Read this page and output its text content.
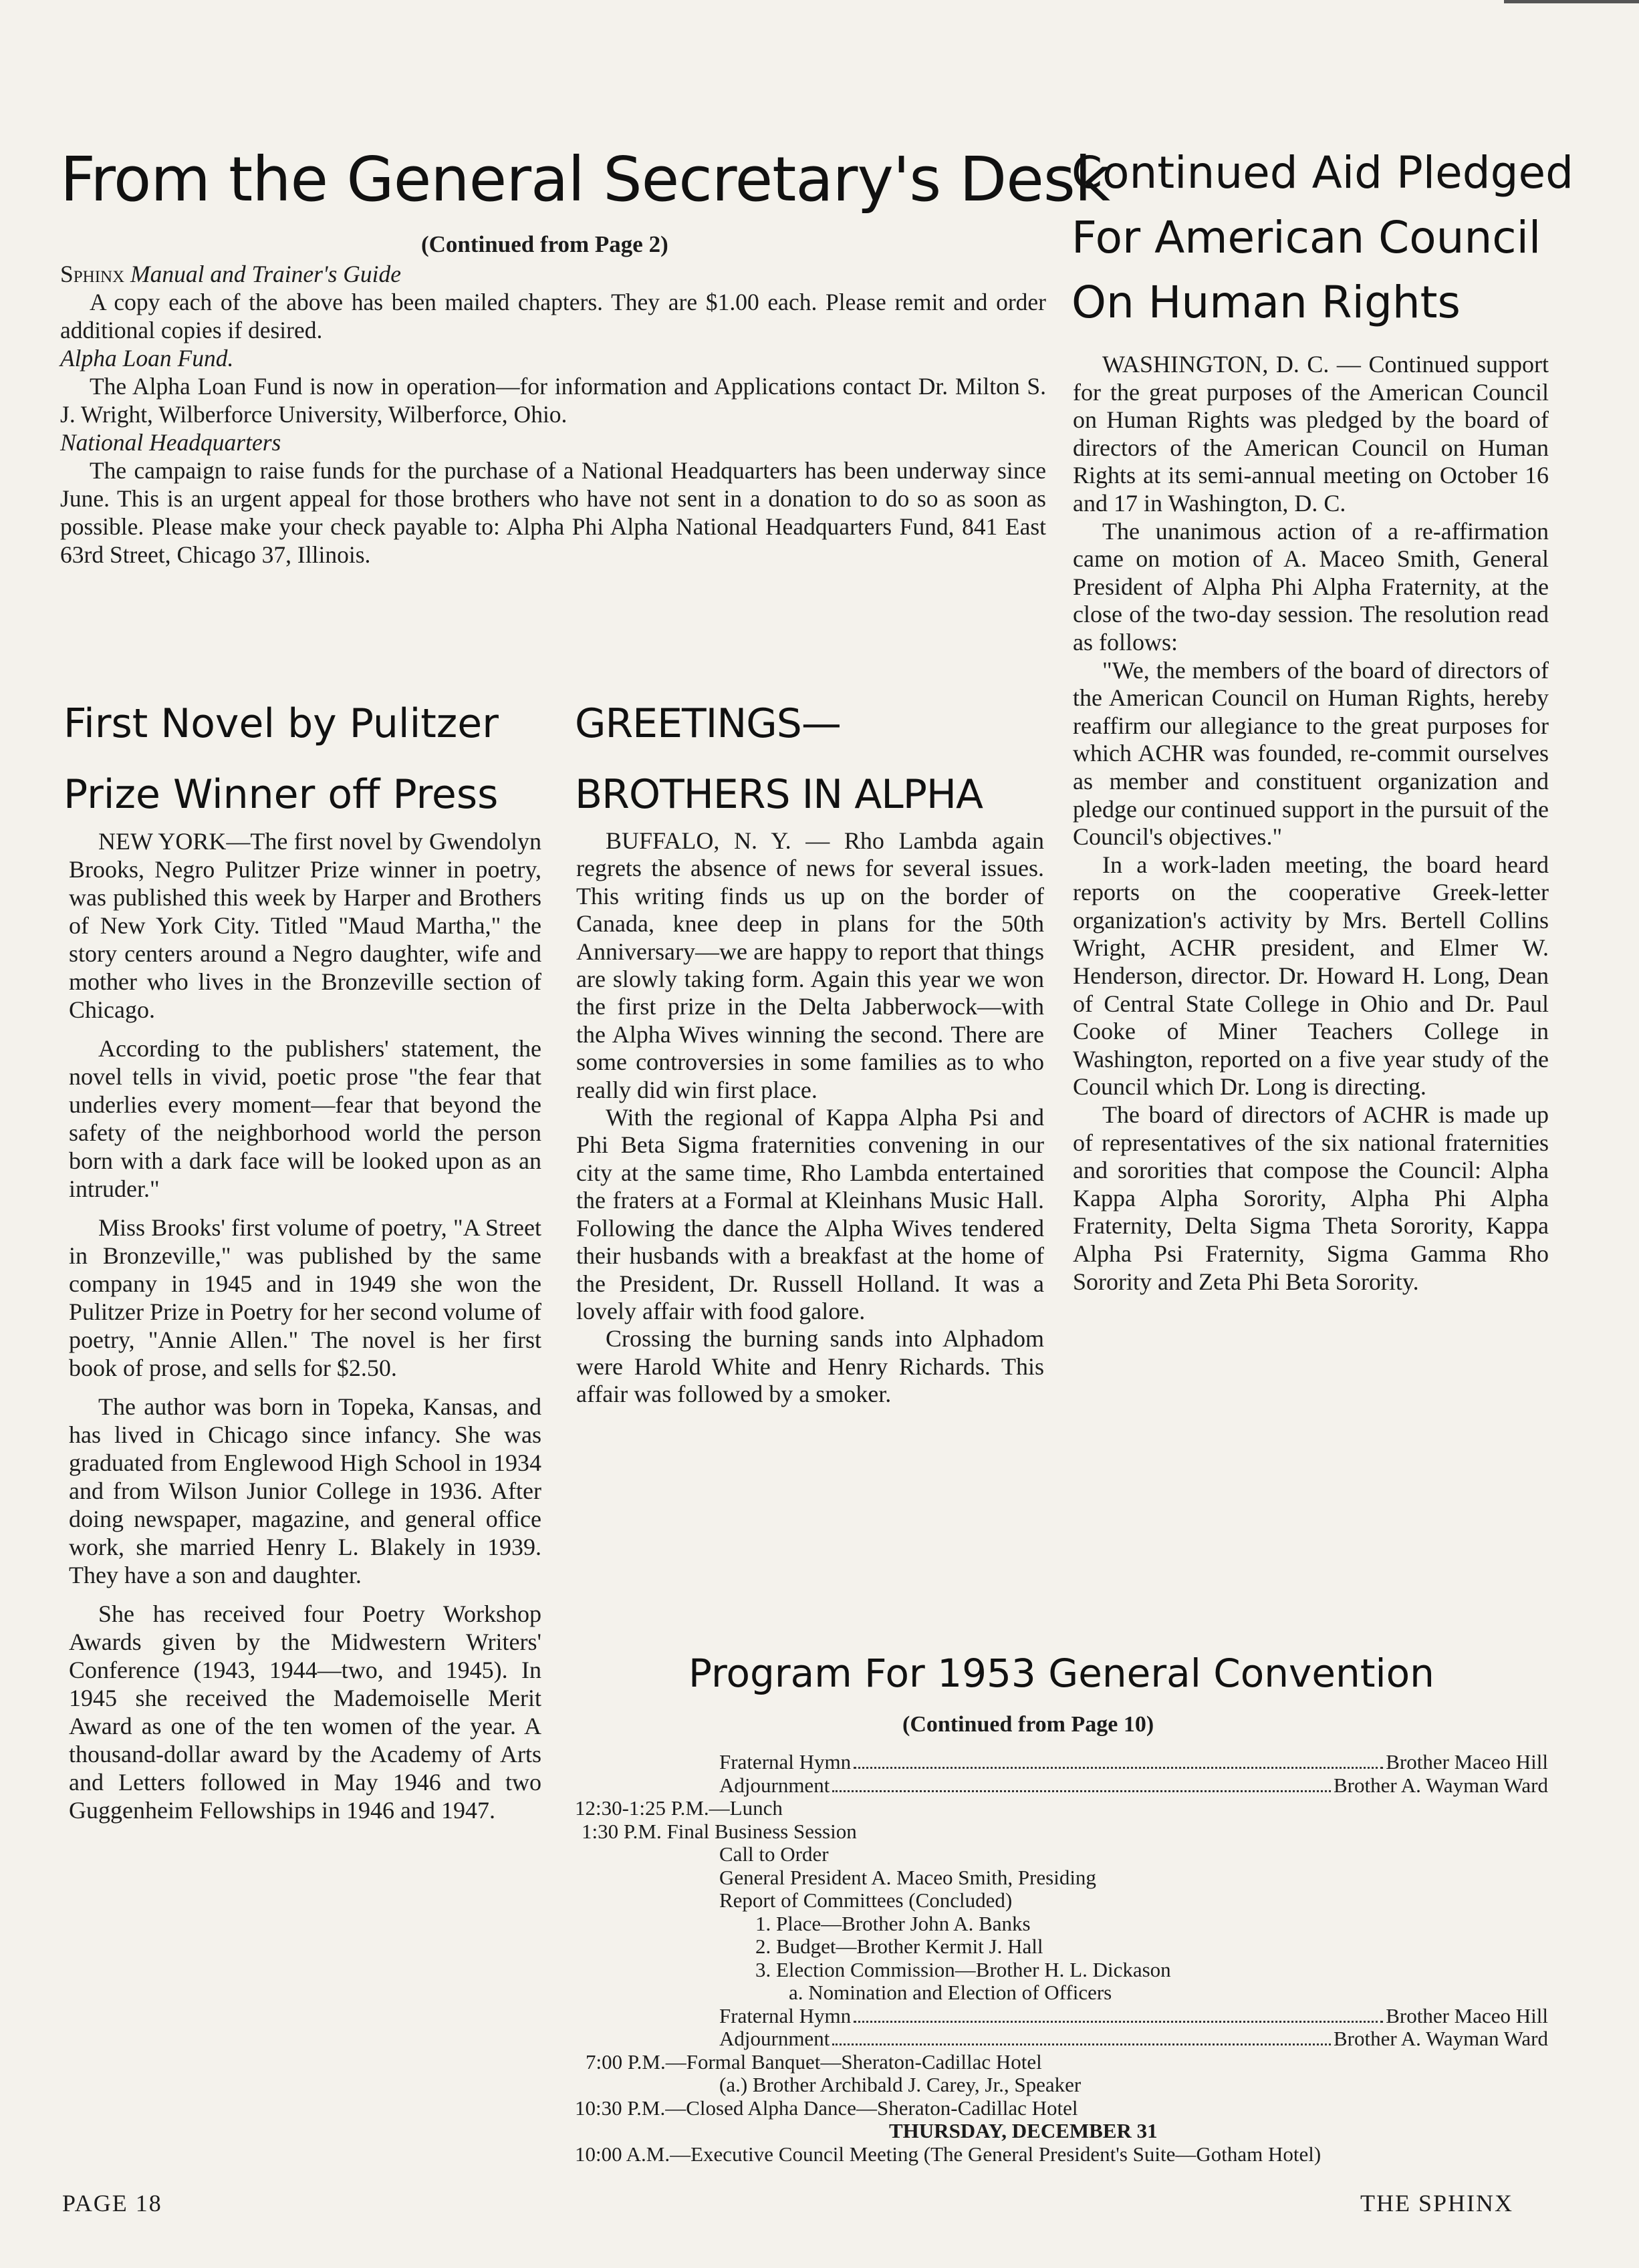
From the General Secretary's Desk
(Continued from Page 2)
Sphinx Manual and Trainer's Guide

A copy each of the above has been mailed chapters. They are $1.00 each. Please remit and order additional copies if desired.

Alpha Loan Fund.

The Alpha Loan Fund is now in operation—for information and Applications contact Dr. Milton S. J. Wright, Wilberforce University, Wilberforce, Ohio.

National Headquarters

The campaign to raise funds for the purchase of a National Headquarters has been underway since June. This is an urgent appeal for those brothers who have not sent in a donation to do so as soon as possible. Please make your check payable to: Alpha Phi Alpha National Headquarters Fund, 841 East 63rd Street, Chicago 37, Illinois.

Continued Aid Pledged
For American Council
On Human Rights

WASHINGTON, D. C. — Continued support for the great purposes of the American Council on Human Rights was pledged by the board of directors of the American Council on Human Rights at its semi-annual meeting on October 16 and 17 in Washington, D. C.

The unanimous action of a re-affirmation came on motion of A. Maceo Smith, General President of Alpha Phi Alpha Fraternity, at the close of the two-day session. The resolution read as follows:

"We, the members of the board of directors of the American Council on Human Rights, hereby reaffirm our allegiance to the great purposes for which ACHR was founded, re-commit ourselves as member and constituent organization and pledge our continued support in the pursuit of the Council's objectives."

In a work-laden meeting, the board heard reports on the cooperative Greek-letter organization's activity by Mrs. Bertell Collins Wright, ACHR president, and Elmer W. Henderson, director. Dr. Howard H. Long, Dean of Central State College in Ohio and Dr. Paul Cooke of Miner Teachers College in Washington, reported on a five year study of the Council which Dr. Long is directing.

The board of directors of ACHR is made up of representatives of the six national fraternities and sororities that compose the Council: Alpha Kappa Alpha Sorority, Alpha Phi Alpha Fraternity, Delta Sigma Theta Sorority, Kappa Alpha Psi Fraternity, Sigma Gamma Rho Sorority and Zeta Phi Beta Sorority.

First Novel by Pulitzer
Prize Winner off Press

NEW YORK—The first novel by Gwendolyn Brooks, Negro Pulitzer Prize winner in poetry, was published this week by Harper and Brothers of New York City. Titled "Maud Martha," the story centers around a Negro daughter, wife and mother who lives in the Bronzeville section of Chicago.

According to the publishers' statement, the novel tells in vivid, poetic prose "the fear that underlies every moment—fear that beyond the safety of the neighborhood world the person born with a dark face will be looked upon as an intruder."

Miss Brooks' first volume of poetry, "A Street in Bronzeville," was published by the same company in 1945 and in 1949 she won the Pulitzer Prize in Poetry for her second volume of poetry, "Annie Allen." The novel is her first book of prose, and sells for $2.50.

The author was born in Topeka, Kansas, and has lived in Chicago since infancy. She was graduated from Englewood High School in 1934 and from Wilson Junior College in 1936. After doing newspaper, magazine, and general office work, she married Henry L. Blakely in 1939. They have a son and daughter.

She has received four Poetry Workshop Awards given by the Midwestern Writers' Conference (1943, 1944—two, and 1945). In 1945 she received the Mademoiselle Merit Award as one of the ten women of the year. A thousand-dollar award by the Academy of Arts and Letters followed in May 1946 and two Guggenheim Fellowships in 1946 and 1947.

GREETINGS—
BROTHERS IN ALPHA

BUFFALO, N. Y. — Rho Lambda again regrets the absence of news for several issues. This writing finds us up on the border of Canada, knee deep in plans for the 50th Anniversary—we are happy to report that things are slowly taking form. Again this year we won the first prize in the Delta Jabberwock—with the Alpha Wives winning the second. There are some controversies in some families as to who really did win first place.

With the regional of Kappa Alpha Psi and Phi Beta Sigma fraternities convening in our city at the same time, Rho Lambda entertained the fraters at a Formal at Kleinhans Music Hall. Following the dance the Alpha Wives tendered their husbands with a breakfast at the home of the President, Dr. Russell Holland. It was a lovely affair with food galore.

Crossing the burning sands into Alphadom were Harold White and Henry Richards. This affair was followed by a smoker.

Program For 1953 General Convention
(Continued from Page 10)
Fraternal Hymn	Brother Maceo Hill
Adjournment	Brother A. Wayman Ward
12:30-1:25 P.M.—Lunch
1:30 P.M. Final Business Session
Call to Order
General President A. Maceo Smith, Presiding
Report of Committees (Concluded)
1. Place—Brother John A. Banks
2. Budget—Brother Kermit J. Hall
3. Election Commission—Brother H. L. Dickason
a. Nomination and Election of Officers
Fraternal Hymn	Brother Maceo Hill
Adjournment	Brother A. Wayman Ward
7:00 P.M.—Formal Banquet—Sheraton-Cadillac Hotel
(a.) Brother Archibald J. Carey, Jr., Speaker
10:30 P.M.—Closed Alpha Dance—Sheraton-Cadillac Hotel
THURSDAY, DECEMBER 31
10:00 A.M.—Executive Council Meeting (The General President's Suite—Gotham Hotel)
PAGE 18	THE SPHINX
